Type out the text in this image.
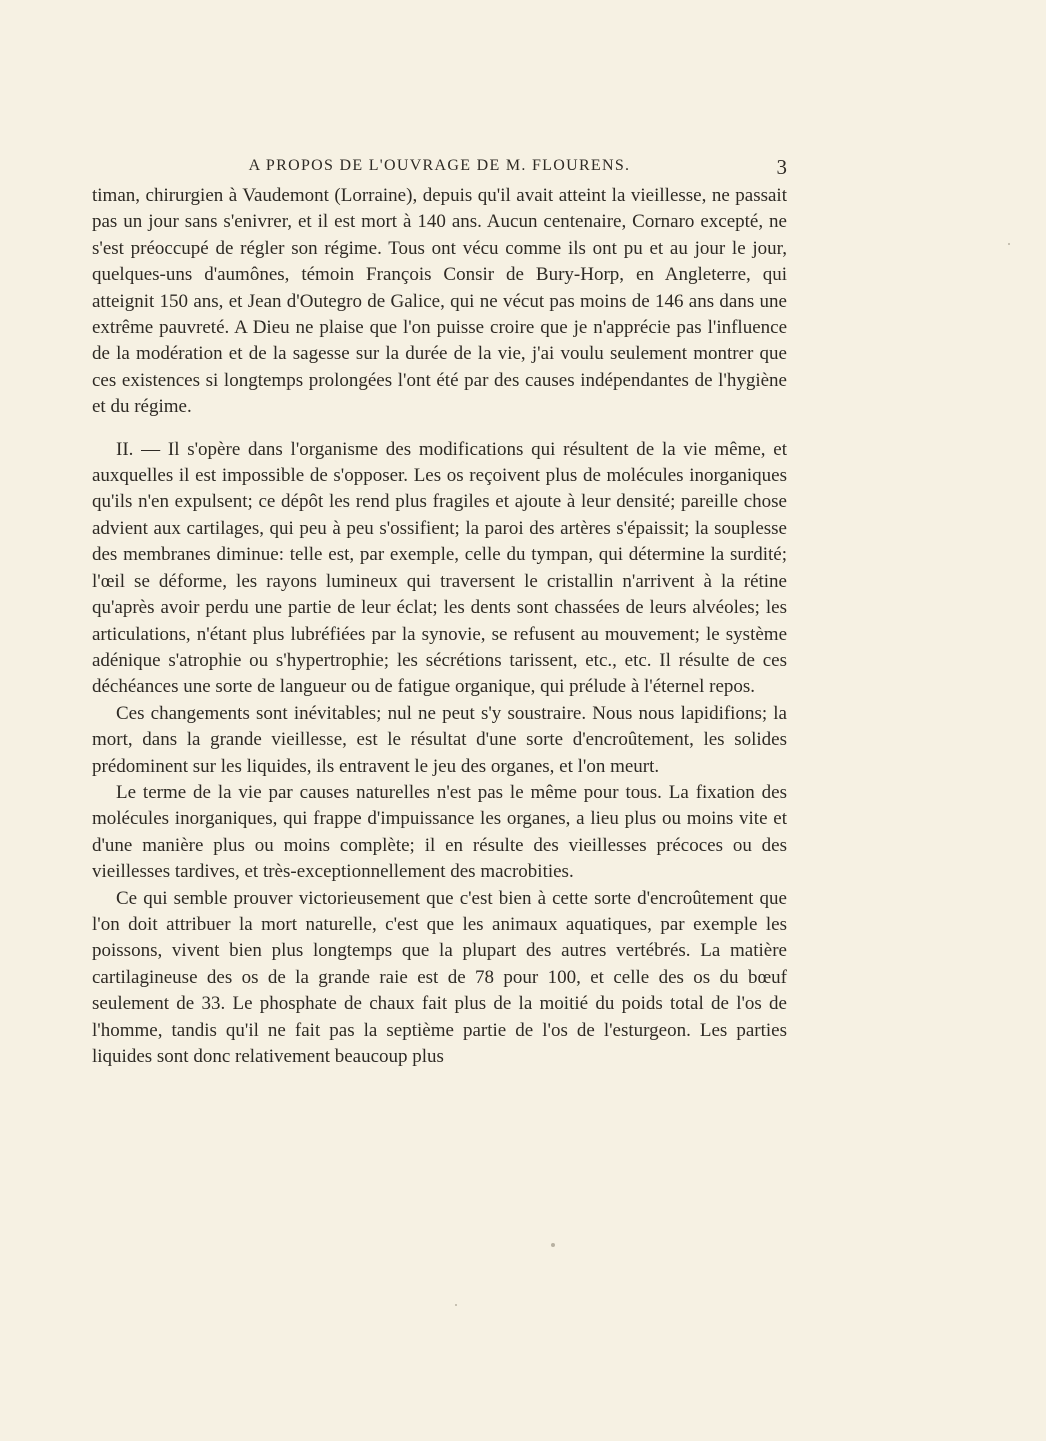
A PROPOS DE L'OUVRAGE DE M. FLOURENS.	3

timan, chirurgien à Vaudemont (Lorraine), depuis qu'il avait atteint la vieillesse, ne passait pas un jour sans s'enivrer, et il est mort à 140 ans. Aucun centenaire, Cornaro excepté, ne s'est préoccupé de régler son régime. Tous ont vécu comme ils ont pu et au jour le jour, quelques-uns d'aumônes, témoin François Consir de Bury-Horp, en Angleterre, qui atteignit 150 ans, et Jean d'Outegro de Galice, qui ne vécut pas moins de 146 ans dans une extrême pauvreté. A Dieu ne plaise que l'on puisse croire que je n'apprécie pas l'influence de la modération et de la sagesse sur la durée de la vie, j'ai voulu seulement montrer que ces existences si longtemps prolongées l'ont été par des causes indépendantes de l'hygiène et du régime.

II. — Il s'opère dans l'organisme des modifications qui résultent de la vie même, et auxquelles il est impossible de s'opposer. Les os reçoivent plus de molécules inorganiques qu'ils n'en expulsent; ce dépôt les rend plus fragiles et ajoute à leur densité; pareille chose advient aux cartilages, qui peu à peu s'ossifient; la paroi des artères s'épaissit; la souplesse des membranes diminue: telle est, par exemple, celle du tympan, qui détermine la surdité; l'œil se déforme, les rayons lumineux qui traversent le cristallin n'arrivent à la rétine qu'après avoir perdu une partie de leur éclat; les dents sont chassées de leurs alvéoles; les articulations, n'étant plus lubréfiées par la synovie, se refusent au mouvement; le système adénique s'atrophie ou s'hypertrophie; les sécrétions tarissent, etc., etc. Il résulte de ces déchéances une sorte de langueur ou de fatigue organique, qui prélude à l'éternel repos.

Ces changements sont inévitables; nul ne peut s'y soustraire. Nous nous lapidifions; la mort, dans la grande vieillesse, est le résultat d'une sorte d'encroûtement, les solides prédominent sur les liquides, ils entravent le jeu des organes, et l'on meurt.

Le terme de la vie par causes naturelles n'est pas le même pour tous. La fixation des molécules inorganiques, qui frappe d'impuissance les organes, a lieu plus ou moins vite et d'une manière plus ou moins complète; il en résulte des vieillesses précoces ou des vieillesses tardives, et très-exceptionnellement des macrobities.

Ce qui semble prouver victorieusement que c'est bien à cette sorte d'encroûtement que l'on doit attribuer la mort naturelle, c'est que les animaux aquatiques, par exemple les poissons, vivent bien plus longtemps que la plupart des autres vertébrés. La matière cartilagineuse des os de la grande raie est de 78 pour 100, et celle des os du bœuf seulement de 33. Le phosphate de chaux fait plus de la moitié du poids total de l'os de l'homme, tandis qu'il ne fait pas la septième partie de l'os de l'esturgeon. Les parties liquides sont donc relativement beaucoup plus
